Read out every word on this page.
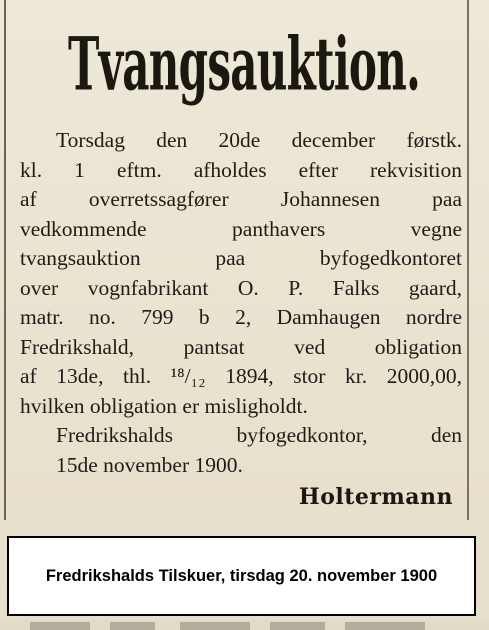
Tvangsauktion.
Torsdag den 20de december førstk.
kl. 1 eftm. afholdes efter rekvisition
af overretssagfører Johannesen paa
vedkommende panthavers vegne
tvangsauktion paa byfogedkontoret
over vognfabrikant O. P. Falks gaard,
matr. no. 799 b 2, Damhaugen nordre
Fredrikshald, pantsat ved obligation
af 13de, thl. ¹⁸/₁₂ 1894, stor kr. 2000,00,
hvilken obligation er misligholdt.
Fredrikshalds byfogedkontor, den
15de november 1900.
Holtermann
Fredrikshalds Tilskuer, tirsdag 20. november 1900
